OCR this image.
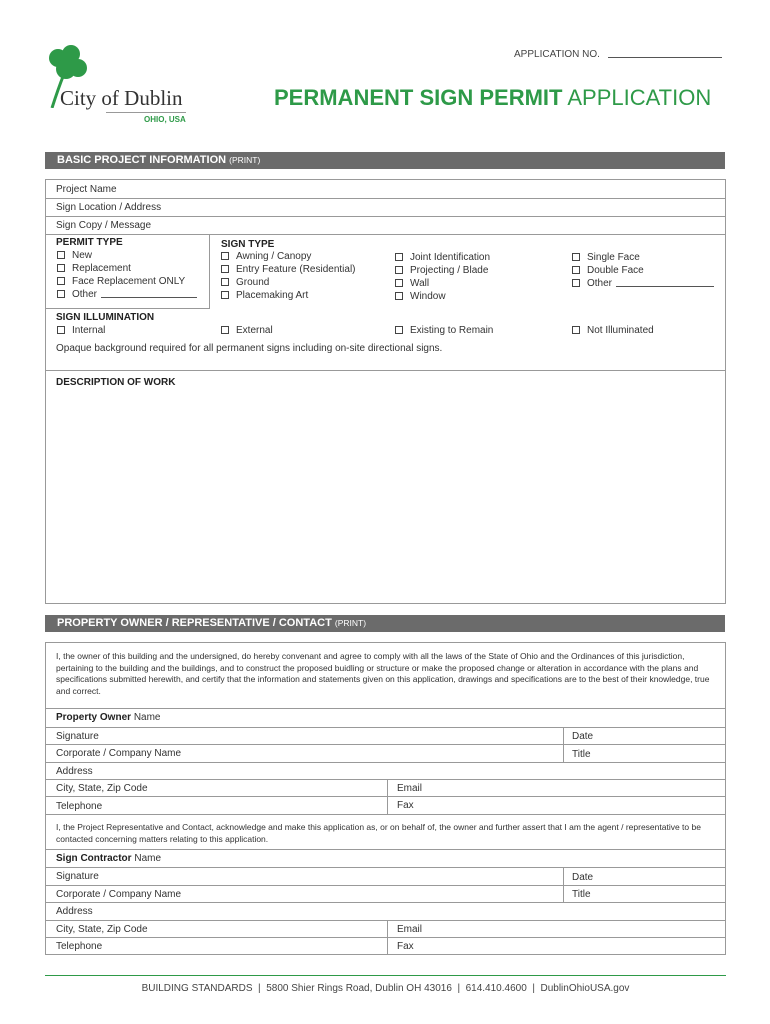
City of Dublin
OHIO, USA
APPLICATION NO.
PERMANENT SIGN PERMIT APPLICATION
BASIC PROJECT INFORMATION (PRINT)
Project Name
Sign Location / Address
Sign Copy / Message
PERMIT TYPE
New
Replacement
Face Replacement ONLY
Other
SIGN TYPE
Awning / Canopy
Entry Feature (Residential)
Ground
Placemaking Art
Joint Identification
Projecting / Blade
Wall
Window
Single Face
Double Face
Other
SIGN ILLUMINATION
Internal	External	Existing to Remain	Not Illuminated
Opaque background required for all permanent signs including on-site directional signs.
DESCRIPTION OF WORK
PROPERTY OWNER / REPRESENTATIVE / CONTACT (PRINT)
I, the owner of this building and the undersigned, do hereby convenant and agree to comply with all the laws of the State of Ohio and the Ordinances of this jurisdiction, pertaining to the building and the buildings, and to construct the proposed buidling or structure or make the proposed change or alteration in accordance with the plans and specifications submitted herewith, and certify that the information and statements given on this application, drawings and specifications are to the best of their knowledge, true and correct.
Property Owner Name
Signature	Date
Corporate / Company Name	Title
Address
City, State, Zip Code	Email
Telephone	Fax
I, the Project Representative and Contact, acknowledge and make this application as, or on behalf of, the owner and further assert that I am the agent / representative to be contacted concerning matters relating to this application.
Sign Contractor Name
Signature	Date
Corporate / Company Name	Title
Address
City, State, Zip Code	Email
Telephone	Fax
BUILDING STANDARDS  |  5800 Shier Rings Road, Dublin OH 43016  |  614.410.4600  |  DublinOhioUSA.gov
